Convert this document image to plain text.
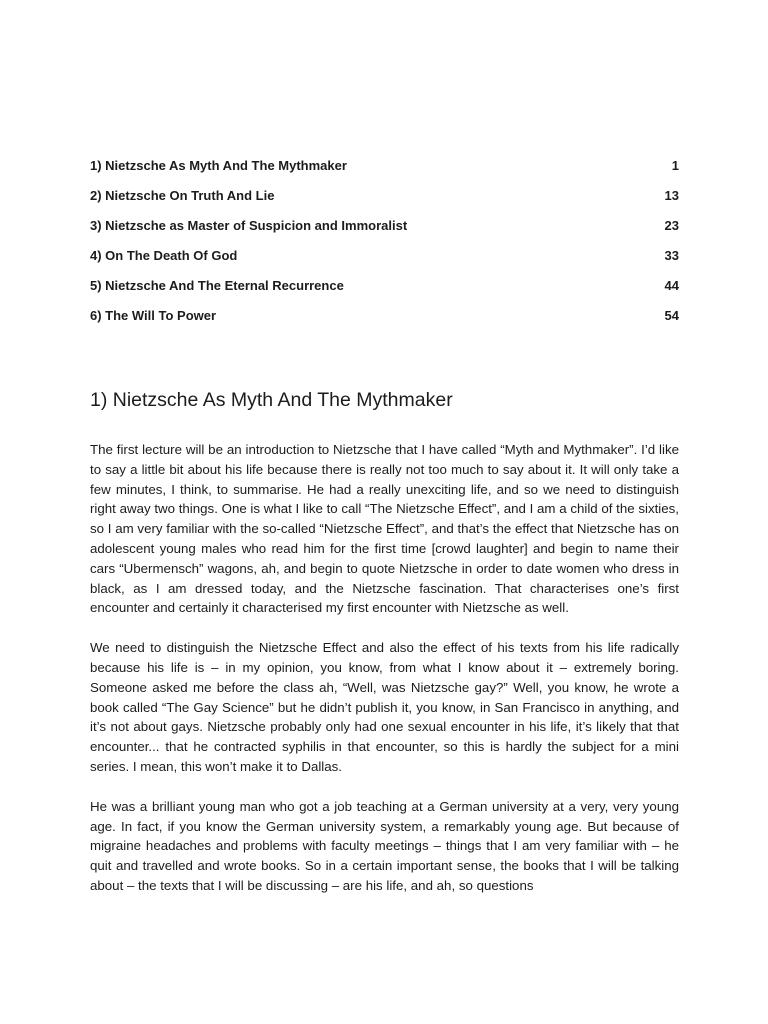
1) Nietzsche As Myth And The Mythmaker	1
2) Nietzsche On Truth And Lie	13
3) Nietzsche as Master of Suspicion and Immoralist	23
4) On The Death Of God	33
5) Nietzsche And The Eternal Recurrence	44
6) The Will To Power	54
1) Nietzsche As Myth And The Mythmaker

The first lecture will be an introduction to Nietzsche that I have called “Myth and Mythmaker”. I’d like to say a little bit about his life because there is really not too much to say about it. It will only take a few minutes, I think, to summarise. He had a really unexciting life, and so we need to distinguish right away two things. One is what I like to call “The Nietzsche Effect”, and I am a child of the sixties, so I am very familiar with the so-called “Nietzsche Effect”, and that’s the effect that Nietzsche has on adolescent young males who read him for the first time [crowd laughter] and begin to name their cars “Ubermensch” wagons, ah, and begin to quote Nietzsche in order to date women who dress in black, as I am dressed today, and the Nietzsche fascination. That characterises one’s first encounter and certainly it characterised my first encounter with Nietzsche as well.

We need to distinguish the Nietzsche Effect and also the effect of his texts from his life radically because his life is – in my opinion, you know, from what I know about it – extremely boring. Someone asked me before the class ah, “Well, was Nietzsche gay?” Well, you know, he wrote a book called “The Gay Science” but he didn’t publish it, you know, in San Francisco in anything, and it’s not about gays. Nietzsche probably only had one sexual encounter in his life, it’s likely that that encounter... that he contracted syphilis in that encounter, so this is hardly the subject for a mini series. I mean, this won’t make it to Dallas.

He was a brilliant young man who got a job teaching at a German university at a very, very young age. In fact, if you know the German university system, a remarkably young age. But because of migraine headaches and problems with faculty meetings – things that I am very familiar with – he quit and travelled and wrote books. So in a certain important sense, the books that I will be talking about – the texts that I will be discussing – are his life, and ah, so questions
